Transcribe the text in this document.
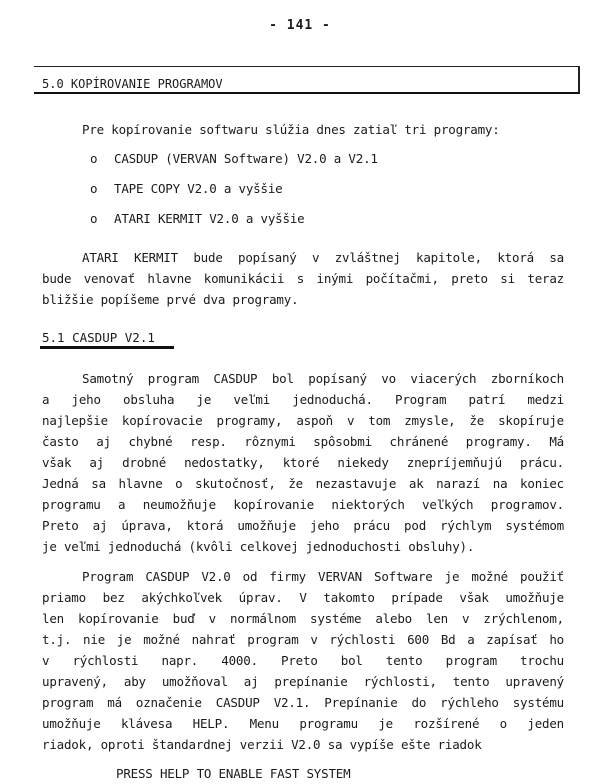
- 141 -
5.0 KOPÍROVANIE PROGRAMOV
Pre kopírovanie softwaru slúžia dnes zatiaľ tri programy:
o CASDUP (VERVAN Software) V2.0 a V2.1
o TAPE COPY V2.0 a vyššie
o ATARI KERMIT V2.0 a vyššie
ATARI KERMIT bude popísaný v zvláštnej kapitole, ktorá sa
bude venovať hlavne komunikácii s inými počítačmi, preto si teraz
bližšie popíšeme prvé dva programy.
5.1 CASDUP V2.1
Samotný program CASDUP bol popísaný vo viacerých zborníkoch
a jeho obsluha je veľmi jednoduchá. Program patrí medzi
najlepšie kopírovacie programy, aspoň v tom zmysle, že skopíruje
často aj chybné resp. rôznymi spôsobmi chránené programy. Má
však aj drobné nedostatky, ktoré niekedy znepríjemňujú prácu.
Jedná sa hlavne o skutočnosť, že nezastavuje ak narazí na koniec
programu a neumožňuje kopírovanie niektorých veľkých programov.
Preto aj úprava, ktorá umožňuje jeho prácu pod rýchlym systémom
je veľmi jednoduchá (kvôli celkovej jednoduchosti obsluhy).
Program CASDUP V2.0 od firmy VERVAN Software je možné použiť
priamo bez akýchkoľvek úprav. V takomto prípade však umožňuje
len kopírovanie buď v normálnom systéme alebo len v zrýchlenom,
t.j. nie je možné nahrať program v rýchlosti 600 Bd a zapísať ho
v rýchlosti napr. 4000. Preto bol tento program trochu
upravený, aby umožňoval aj prepínanie rýchlosti, tento upravený
program má označenie CASDUP V2.1. Prepínanie do rýchleho systému
umožňuje klávesa HELP. Menu programu je rozšírené o jeden
riadok, oproti štandardnej verzii V2.0 sa vypíše ešte riadok
PRESS HELP TO ENABLE FAST SYSTEM
